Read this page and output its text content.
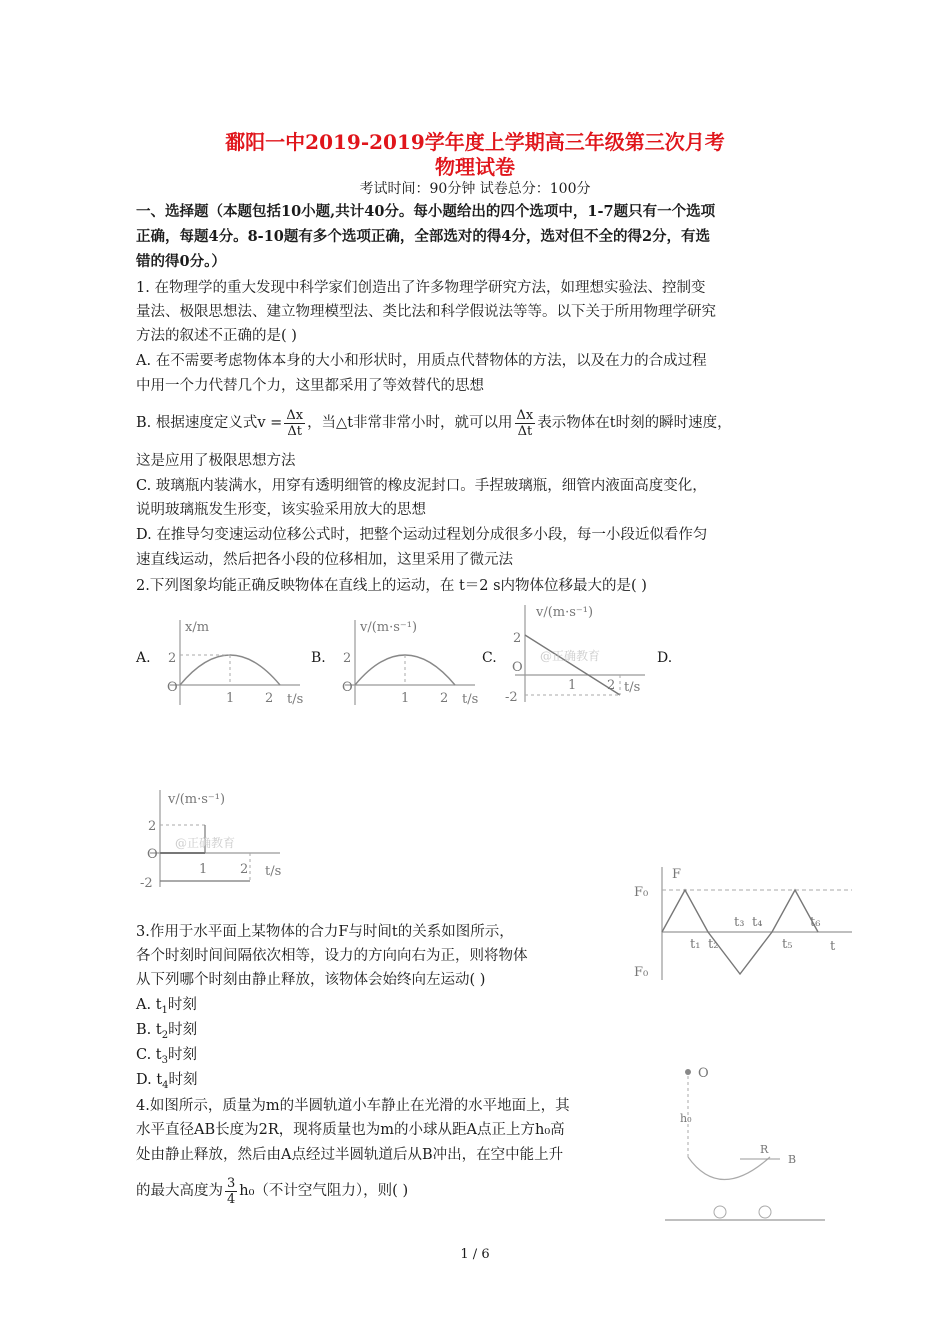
鄱阳一中2019-2019学年度上学期高三年级第三次月考
物理试卷
考试时间：90分钟 试卷总分：100分
一、选择题（本题包括10小题,共计40分。每小题给出的四个选项中，1-7题只有一个选项
正确，每题4分。8-10题有多个选项正确，全部选对的得4分，选对但不全的得2分，有选
错的得0分。）
1. 在物理学的重大发现中科学家们创造出了许多物理学研究方法，如理想实验法、控制变
量法、极限思想法、建立物理模型法、类比法和科学假说法等等。以下关于所用物理学研究
方法的叙述不正确的是( )
A. 在不需要考虑物体本身的大小和形状时，用质点代替物体的方法，以及在力的合成过程
中用一个力代替几个力，这里都采用了等效替代的思想
B. 根据速度定义式$v = \frac{\Delta x}{\Delta t}$ ，当△t非常非常小时，就可以用 $\frac{\Delta x}{\Delta t}$ 表示物体在t时刻的瞬时速度，
这是应用了极限思想方法
C. 玻璃瓶内装满水，用穿有透明细管的橡皮泥封口。手捏玻璃瓶，细管内液面高度变化，
说明玻璃瓶发生形变，该实验采用放大的思想
D. 在推导匀变速运动位移公式时，把整个运动过程划分成很多小段，每一小段近似看作匀
速直线运动，然后把各小段的位移相加，这里采用了微元法
2.下列图象均能正确反映物体在直线上的运动，在 t＝2 s内物体位移最大的是( )
A.	B.	C.	D.
x/m
2
O
1 2 t/s
v/(m·s⁻¹)
2
O
1 2 t/s
@正确教育
v/(m·s⁻¹)
2
O
-2
1 2 t/s
@正确教育
v/(m·s⁻¹)
2
O
-2
1	2 t/s
3.作用于水平面上某物体的合力F与时间t的关系如图所示，
各个时刻时间间隔依次相等，设力的方向向右为正，则将物体
从下列哪个时刻由静止释放，该物体会始终向左运动( )
A. $t_1$时刻
B. $t_2$时刻
C. $t_3$时刻
D. $t_4$时刻
F
F₀
F₀
t₁ t₂
t₃ t₄
t₅
t₆
t
4.如图所示，质量为m的半圆轨道小车静止在光滑的水平地面上，其
水平直径AB长度为2R，现将质量也为m的小球从距A点正上方h₀高
处由静止释放，然后由A点经过半圆轨道后从B冲出，在空中能上升
的最大高度为 $\frac{3}{4} h_0$（不计空气阻力），则( )
O
h₀
R
B
1 / 6
